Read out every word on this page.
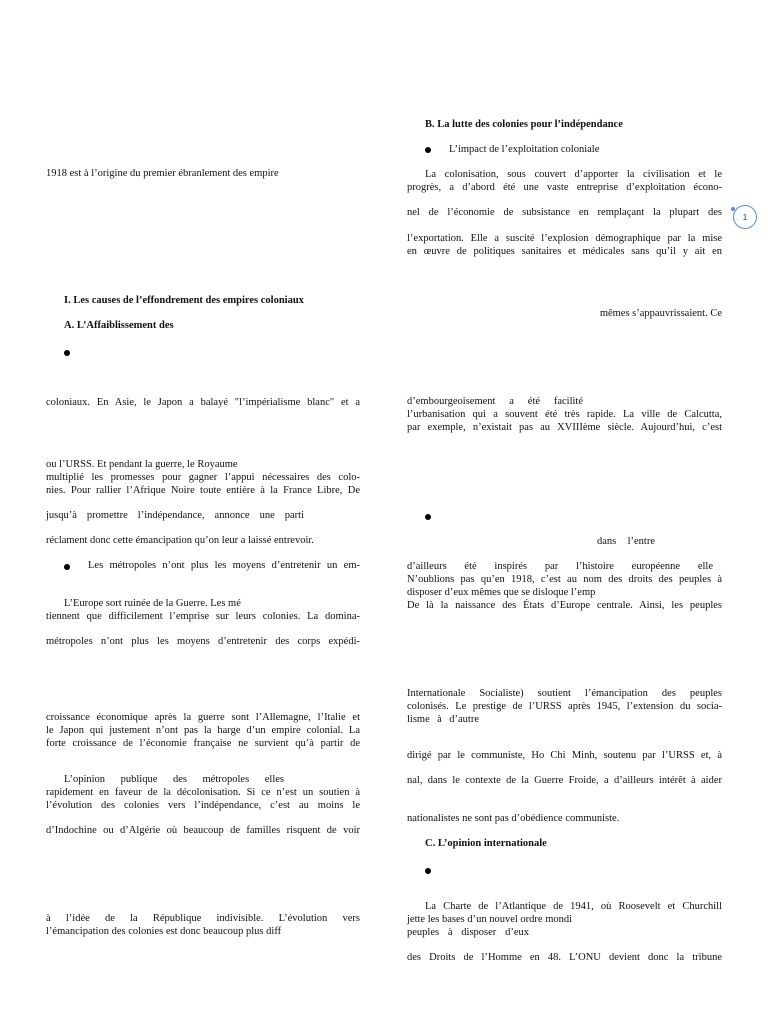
1918 est à l’origine du premier ébranlement des empire
I. Les causes de l’effondrement des empires coloniaux
A. L’Affaiblissement des
coloniaux. En Asie, le Japon a balayé "l’impérialisme blanc" et a
ou l’URSS. Et pendant la guerre, le Royaume
multiplié les promesses pour gagner l’appui nécessaires des colo-
nies. Pour rallier l’Afrique Noire toute entière à la France Libre, De
jusqu’à promettre l’indépendance, annonce une parti
réclament donc cette émancipation qu’on leur a laissé entrevoir.
Les métropoles n’ont plus les moyens d’entretenir un em-
L’Europe sort ruinée de la Guerre. Les mé
tiennent que difficilement l’emprise sur leurs colonies. La domina-
métropoles n’ont plus les moyens d’entretenir des corps expédi-
croissance économique après la guerre sont l’Allemagne, l’Italie et
le Japon qui justement n’ont pas la harge d’un empire colonial. La
forte croissance de l’économie française ne survient qu’à partir de
L’opinion publique des métropoles elles
rapidement en faveur de la décolonisation. Si ce n’est un soutien à
l’évolution des colonies vers l’indépendance, c’est au moins le
d’Indochine ou d’Algérie où beaucoup de familles risquent de voir
à l’idée de la République indivisible. L’évolution vers
l’émancipation des colonies est donc beaucoup plus diff
B. La lutte des colonies pour l’indépendance
L’impact de l’exploitation coloniale
La colonisation, sous couvert d’apporter la civilisation et le
progrès, a d’abord été une vaste entreprise d’exploitation écono-
nel de l’économie de subsistance en remplaçant la plupart des
l’exportation. Elle a suscité l’explosion démographique par la mise
en œuvre de politiques sanitaires et médicales sans qu’il y ait en
mêmes s’appauvrissaient. Ce
d’embourgeoisement a été facilité
l’urbanisation qui a souvent été très rapide. La ville de Calcutta,
par exemple, n’existait pas au XVIIIème siècle. Aujourd’hui, c’est
dans l’entre
d’ailleurs été inspirés par l’histoire européenne elle
N’oublions pas qu’en 1918, c’est au nom des droits des peuples à
disposer d’eux mêmes que se disloque l’emp
De là la naissance des États d’Europe centrale. Ainsi, les peuples
Internationale Socialiste) soutient l’émancipation des peuples
colonisés. Le prestige de l’URSS après 1945, l’extension du socia-
lisme à d’autre
dirigé par le communiste, Ho Chi Minh, soutenu par l’URSS et, à
nal, dans le contexte de la Guerre Froide, a d’ailleurs intérêt à aider
nationalistes ne sont pas d’obédience communiste.
C. L’opinion internationale
La Charte de l’Atlantique de 1941, où Roosevelt et Churchill
jette les bases d’un nouvel ordre mondi
peuples à disposer d’eux
des Droits de l’Homme en 48. L’ONU devient donc la tribune
1
